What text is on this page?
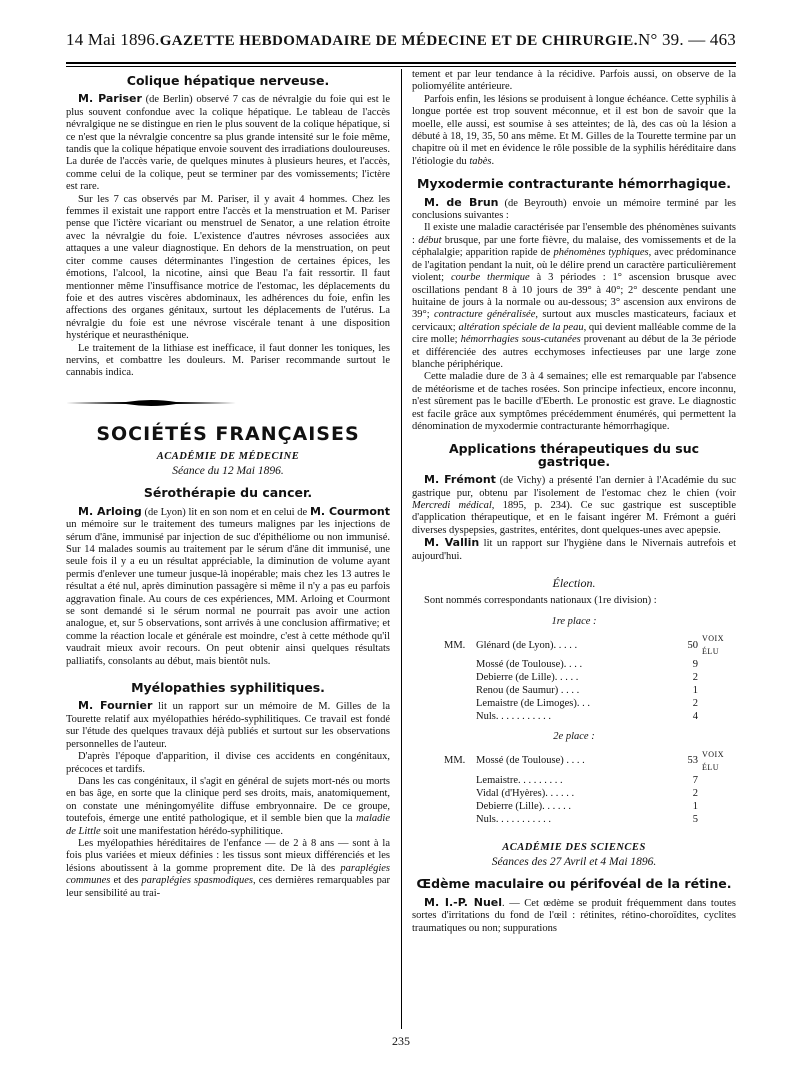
14 Mai 1896. GAZETTE HEBDOMADAIRE DE MÉDECINE ET DE CHIRURGIE. N° 39. — 463
Colique hépatique nerveuse.

M. Pariser (de Berlin) observé 7 cas de névralgie du foie qui est le plus souvent confondue avec la colique hépatique. Le tableau de l'accès névralgique ne se distingue en rien le plus souvent de la colique hépatique, si ce n'est que la névralgie concentre sa plus grande intensité sur le foie même, tandis que la colique hépatique envoie souvent des irradiations douloureuses. La durée de l'accès varie, de quelques minutes à plusieurs heures, et l'accès, comme celui de la colique, peut se terminer par des vomissements; l'ictère est rare.

Sur les 7 cas observés par M. Pariser, il y avait 4 hommes. Chez les femmes il existait une rapport entre l'accès et la menstruation et M. Pariser pense que l'ictère vicariant ou menstruel de Senator, a une relation étroite avec la névralgie du foie. L'existence d'autres névroses associées aux attaques a une valeur diagnostique. En dehors de la menstruation, on peut citer comme causes déterminantes l'ingestion de certaines épices, les émotions, l'alcool, la nicotine, ainsi que Beau l'a fait ressortir. Il faut mentionner même l'insuffisance motrice de l'estomac, les déplacements du foie et des autres viscères abdominaux, les adhérences du foie, enfin les affections des organes génitaux, surtout les déplacements de l'utérus. La névralgie du foie est une névrose viscérale tenant à une disposition hystérique et neurasthénique.

Le traitement de la lithiase est inefficace, il faut donner les toniques, les nervins, et combattre les douleurs. M. Pariser recommande surtout le cannabis indica.

SOCIÉTÉS FRANÇAISES
ACADÉMIE DE MÉDECINE
Séance du 12 Mai 1896.
Sérothérapie du cancer.

M. Arloing (de Lyon) lit en son nom et en celui de M. Courmont un mémoire sur le traitement des tumeurs malignes par les injections de sérum d'âne, immunisé par injection de suc d'épithéliome ou non immunisé. Sur 14 malades soumis au traitement par le sérum d'âne dit immunisé, une seule fois il y a eu un résultat appréciable, la diminution de volume ayant permis d'enlever une tumeur jusque-là inopérable; mais chez les 13 autres le résultat a été nul, après diminution passagère si même il n'y a pas eu parfois aggravation finale. Au cours de ces expériences, MM. Arloing et Courmont se sont demandé si le sérum normal ne pourrait pas avoir une action analogue, et, sur 5 observations, sont arrivés à une conclusion affirmative; et comme la réaction locale et générale est moindre, c'est à cette méthode qu'il vaudrait mieux avoir recours. On peut obtenir ainsi quelques résultats palliatifs, consolants au début, mais bientôt nuls.

Myélopathies syphilitiques.

M. Fournier lit un rapport sur un mémoire de M. Gilles de la Tourette relatif aux myélopathies hérédo-syphilitiques. Ce travail est fondé sur l'étude des quelques travaux déjà publiés et surtout sur les observations personnelles de l'auteur.

D'après l'époque d'apparition, il divise ces accidents en congénitaux, précoces et tardifs.

Dans les cas congénitaux, il s'agit en général de sujets mort-nés ou morts en bas âge, en sorte que la clinique perd ses droits, mais, anatomiquement, on constate une méningomyélite diffuse embryonnaire. De ce groupe, toutefois, émerge une entité pathologique, et il semble bien que la maladie de Little soit une manifestation hérédo-syphilitique.

Les myélopathies héréditaires de l'enfance — de 2 à 8 ans — sont à la fois plus variées et mieux définies : les tissus sont mieux différenciés et les lésions aboutissent à la gomme proprement dite. De là des paraplégies communes et des paraplégies spasmodiques, ces dernières remarquables par leur sensibilité au trai-

tement et par leur tendance à la récidive. Parfois aussi, on observe de la poliomyélite antérieure.

Parfois enfin, les lésions se produisent à longue échéance. Cette syphilis à longue portée est trop souvent méconnue, et il est bon de savoir que la moelle, elle aussi, est soumise à ses atteintes; de là, des cas où la lésion a débuté à 18, 19, 35, 50 ans même. Et M. Gilles de la Tourette termine par un chapitre où il met en évidence le rôle possible de la syphilis héréditaire dans l'étiologie du tabès.

Myxodermie contracturante hémorrhagique.

M. de Brun (de Beyrouth) envoie un mémoire terminé par les conclusions suivantes :

Il existe une maladie caractérisée par l'ensemble des phénomènes suivants : début brusque, par une forte fièvre, du malaise, des vomissements et de la céphalalgie; apparition rapide de phénomènes typhiques, avec prédominance de l'agitation pendant la nuit, où le délire prend un caractère particulièrement violent; courbe thermique à 3 périodes : 1° ascension brusque avec oscillations pendant 8 à 10 jours de 39° à 40°; 2° descente pendant une huitaine de jours à la normale ou au-dessous; 3° ascension aux environs de 39°; contracture généralisée, surtout aux muscles masticateurs, faciaux et cervicaux; altération spéciale de la peau, qui devient malléable comme de la cire molle; hémorrhagies sous-cutanées provenant au début de la 3e période et différenciée des autres ecchymoses infectieuses par une large zone blanche périphérique.

Cette maladie dure de 3 à 4 semaines; elle est remarquable par l'absence de météorisme et de taches rosées. Son principe infectieux, encore inconnu, n'est sûrement pas le bacille d'Eberth. Le pronostic est grave. Le diagnostic est facile grâce aux symptômes précédemment énumérés, qui permettent la dénomination de myxodermie contracturante hémorrhagique.

Applications thérapeutiques du suc gastrique.

M. Frémont (de Vichy) a présenté l'an dernier à l'Académie du suc gastrique pur, obtenu par l'isolement de l'estomac chez le chien (voir Mercredi médical, 1895, p. 234). Ce suc gastrique est susceptible d'application thérapeutique, et en le faisant ingérer M. Frémont a guéri diverses dyspepsies, gastrites, entérites, dont quelques-unes avec apepsie.

M. Vallin lit un rapport sur l'hygiène dans le Nivernais autrefois et aujourd'hui.

Élection.

Sont nommés correspondants nationaux (1re division) :

1re place :
MM.	Glénard (de Lyon). . . . .	50	VOIX ÉLU
	Mossé (de Toulouse). . . .	9	
	Debierre (de Lille). . . . .	2	
	Renou (de Saumur) . . . .	1	
	Lemaistre (de Limoges). . .	2	
	Nuls. . . . . . . . . . .	4	
2e place :
MM.	Mossé (de Toulouse) . . . .	53	VOIX ÉLU
	Lemaistre. . . . . . . . .	7	
	Vidal (d'Hyères). . . . . .	2	
	Debierre (Lille). . . . . .	1	
	Nuls. . . . . . . . . . .	5	
ACADÉMIE DES SCIENCES
Séances des 27 Avril et 4 Mai 1896.
Œdème maculaire ou périfovéal de la rétine.

M. I.-P. Nuel. — Cet œdème se produit fréquemment dans toutes sortes d'irritations du fond de l'œil : rétinites, rétino-choroïdites, cyclites traumatiques ou non; suppurations

235
